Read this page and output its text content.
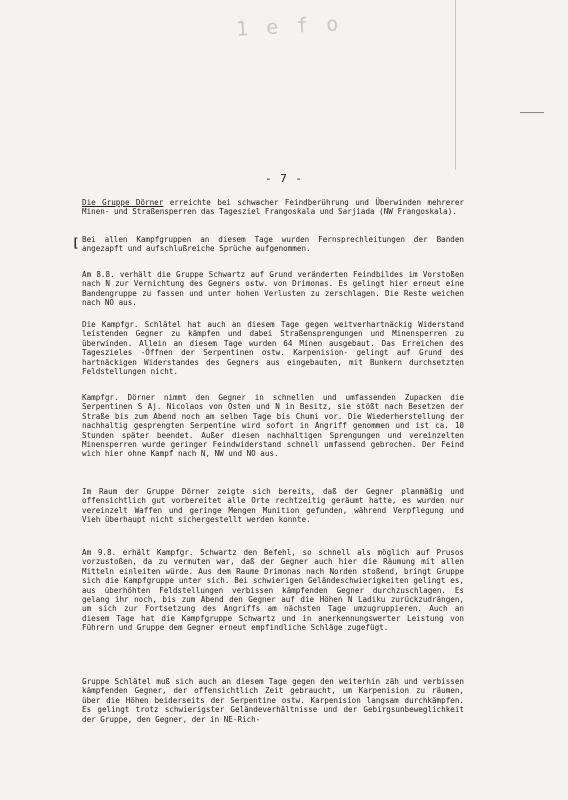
1 e f o
- 7 -
[

Die Gruppe Dörner erreichte bei schwacher Feindberührung und Überwinden mehrerer Minen- und Straßensperren das Tagesziel Frangoskala und Sarjiada (NW Frangoskala).

Bei allen Kampfgruppen an diesem Tage wurden Fernsprechleitungen der Banden angezapft und aufschlußreiche Sprüche aufgenommen.

Am 8.8. verhält die Gruppe Schwartz auf Grund veränderten Feindbildes im Vorstoßen nach N zur Vernichtung des Gegners ostw. von Drimonas. Es gelingt hier erneut eine Bandengruppe zu fassen und unter hohen Verlusten zu zerschlagen. Die Reste weichen nach NO aus.

Die Kampfgr. Schlätel hat auch an diesem Tage gegen weitverhartnäckig Widerstand leistenden Gegner zu kämpfen und dabei Straßensprengungen und Minensperren zu überwinden. Allein an diesem Tage wurden 64 Minen ausgebaut. Das Erreichen des Tageszieles -Öffnen der Serpentinen ostw. Karpenision- gelingt auf Grund des hartnäckigen Widerstandes des Gegners aus eingebauten, mit Bunkern durchsetzten Feldstellungen nicht.

Kampfgr. Dörner nimmt den Gegner in schnellen und umfassenden Zupacken die Serpentinen S Aj. Nicolaos von Osten und N in Besitz, sie stößt nach Besetzen der Straße bis zum Abend noch am selben Tage bis Chumi vor. Die Wiederherstellung der nachhaltig gesprengten Serpentine wird sofort in Angriff genommen und ist ca. 10 Stunden später beendet. Außer diesen nachhaltigen Sprengungen und vereinzelten Minensperren wurde geringer Feindwiderstand schnell umfassend gebrochen. Der Feind wich hier ohne Kampf nach N, NW und NO aus.

Im Raum der Gruppe Dörner zeigte sich bereits, daß der Gegner planmäßig und offensichtlich gut vorbereitet alle Orte rechtzeitig geräumt hatte, es wurden nur vereinzelt Waffen und geringe Mengen Munition gefunden, während Verpflegung und Vieh überhaupt nicht sichergestellt werden konnte.

Am 9.8. erhält Kampfgr. Schwartz den Befehl, so schnell als möglich auf Prusos vorzustoßen, da zu vermuten war, daß der Gegner auch hier die Räumung mit allen Mitteln einleiten würde. Aus dem Raume Drimonas nach Norden stoßend, bringt Gruppe sich die Kampfgruppe unter sich. Bei schwierigen Geländeschwierigkeiten gelingt es, aus überhöhten Feldstellungen verbissen kämpfenden Gegner durchzuschlagen. Es gelang ihr noch, bis zum Abend den Gegner auf die Höhen N Ladiku zurückzudrängen, um sich zur Fortsetzung des Angriffs am nächsten Tage umzugruppieren. Auch an diesem Tage hat die Kampfgruppe Schwartz und in anerkennungswerter Leistung von Führern und Gruppe dem Gegner erneut empfindliche Schläge zugefügt.

Gruppe Schlätel muß sich auch an diesem Tage gegen den weiterhin zäh und verbissen kämpfenden Gegner, der offensichtlich Zeit gebraucht, um Karpenision zu räumen, über die Höhen beiderseits der Serpentine ostw. Karpenision langsam durchkämpfen. Es gelingt trotz schwierigster Geländeverhältnisse und der Gebirgsunbeweglichkeit der Gruppe, den Gegner, der in NE-Rich-
